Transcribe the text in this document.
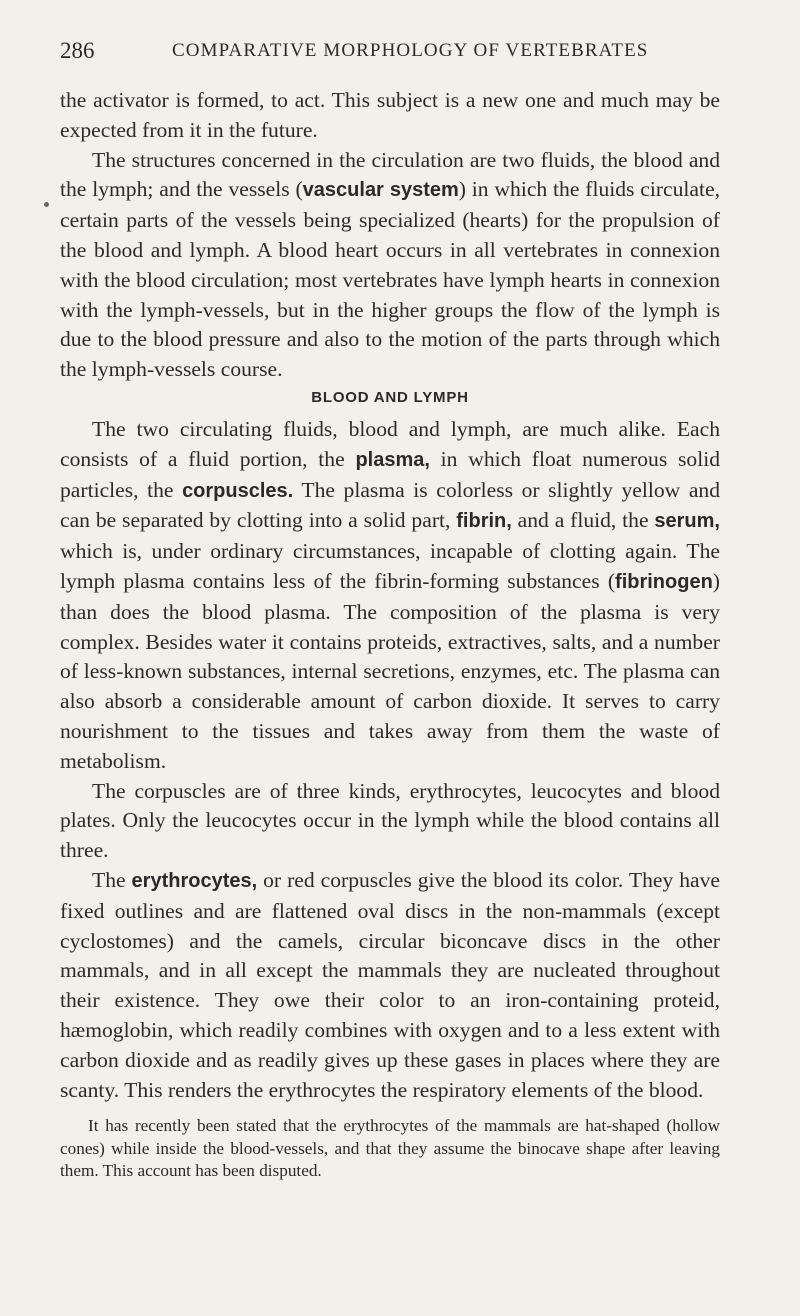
286	COMPARATIVE MORPHOLOGY OF VERTEBRATES

the activator is formed, to act. This subject is a new one and much may be expected from it in the future.

The structures concerned in the circulation are two fluids, the blood and the lymph; and the vessels (vascular system) in which the fluids circulate, certain parts of the vessels being specialized (hearts) for the propulsion of the blood and lymph. A blood heart occurs in all vertebrates in connexion with the blood circulation; most vertebrates have lymph hearts in connexion with the lymph-vessels, but in the higher groups the flow of the lymph is due to the blood pressure and also to the motion of the parts through which the lymph-vessels course.

BLOOD AND LYMPH

The two circulating fluids, blood and lymph, are much alike. Each consists of a fluid portion, the plasma, in which float numerous solid particles, the corpuscles. The plasma is colorless or slightly yellow and can be separated by clotting into a solid part, fibrin, and a fluid, the serum, which is, under ordinary circumstances, incapable of clotting again. The lymph plasma contains less of the fibrin-forming substances (fibrinogen) than does the blood plasma. The composition of the plasma is very complex. Besides water it contains proteids, extractives, salts, and a number of less-known substances, internal secretions, enzymes, etc. The plasma can also absorb a considerable amount of carbon dioxide. It serves to carry nourishment to the tissues and takes away from them the waste of metabolism.

The corpuscles are of three kinds, erythrocytes, leucocytes and blood plates. Only the leucocytes occur in the lymph while the blood contains all three.

The erythrocytes, or red corpuscles give the blood its color. They have fixed outlines and are flattened oval discs in the non-mammals (except cyclostomes) and the camels, circular biconcave discs in the other mammals, and in all except the mammals they are nucleated throughout their existence. They owe their color to an iron-containing proteid, hæmoglobin, which readily combines with oxygen and to a less extent with carbon dioxide and as readily gives up these gases in places where they are scanty. This renders the erythrocytes the respiratory elements of the blood.

It has recently been stated that the erythrocytes of the mammals are hat-shaped (hollow cones) while inside the blood-vessels, and that they assume the binocave shape after leaving them. This account has been disputed.
